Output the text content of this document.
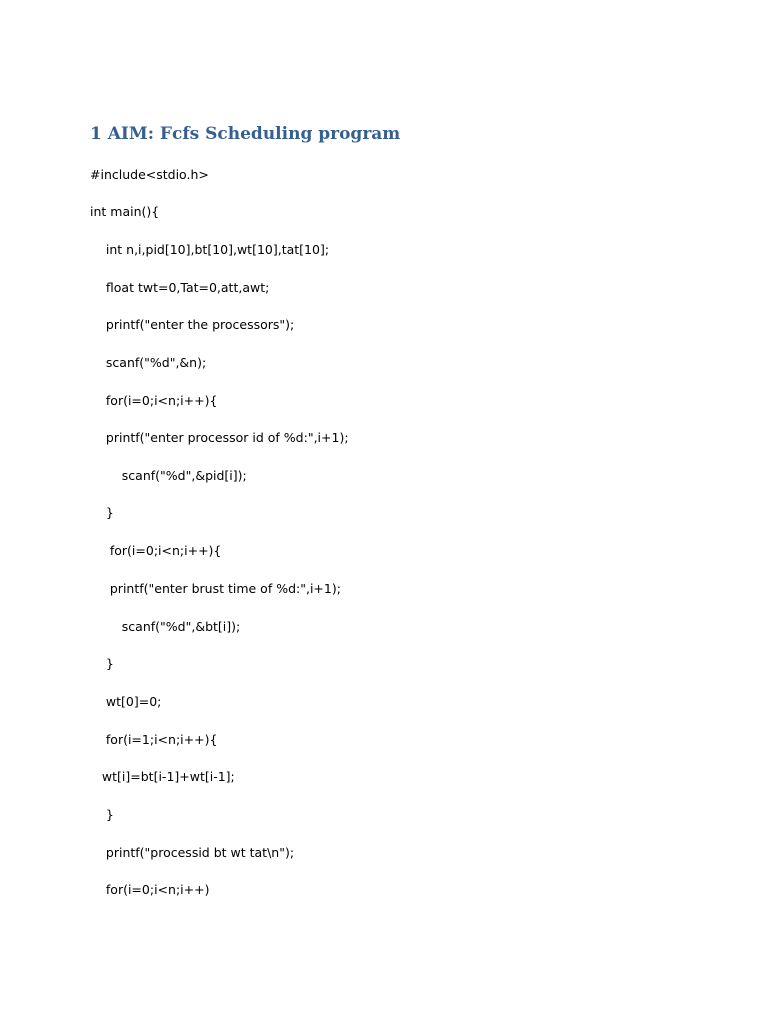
1 AIM: Fcfs Scheduling program

#include<stdio.h>

int main(){

int n,i,pid[10],bt[10],wt[10],tat[10];

float twt=0,Tat=0,att,awt;

printf("enter the processors");

scanf("%d",&n);

for(i=0;i<n;i++){

printf("enter processor id of %d:",i+1);

scanf("%d",&pid[i]);

}

for(i=0;i<n;i++){

printf("enter brust time of %d:",i+1);

scanf("%d",&bt[i]);

}

wt[0]=0;

for(i=1;i<n;i++){

wt[i]=bt[i-1]+wt[i-1];

}

printf("processid bt wt tat\n");

for(i=0;i<n;i++)
